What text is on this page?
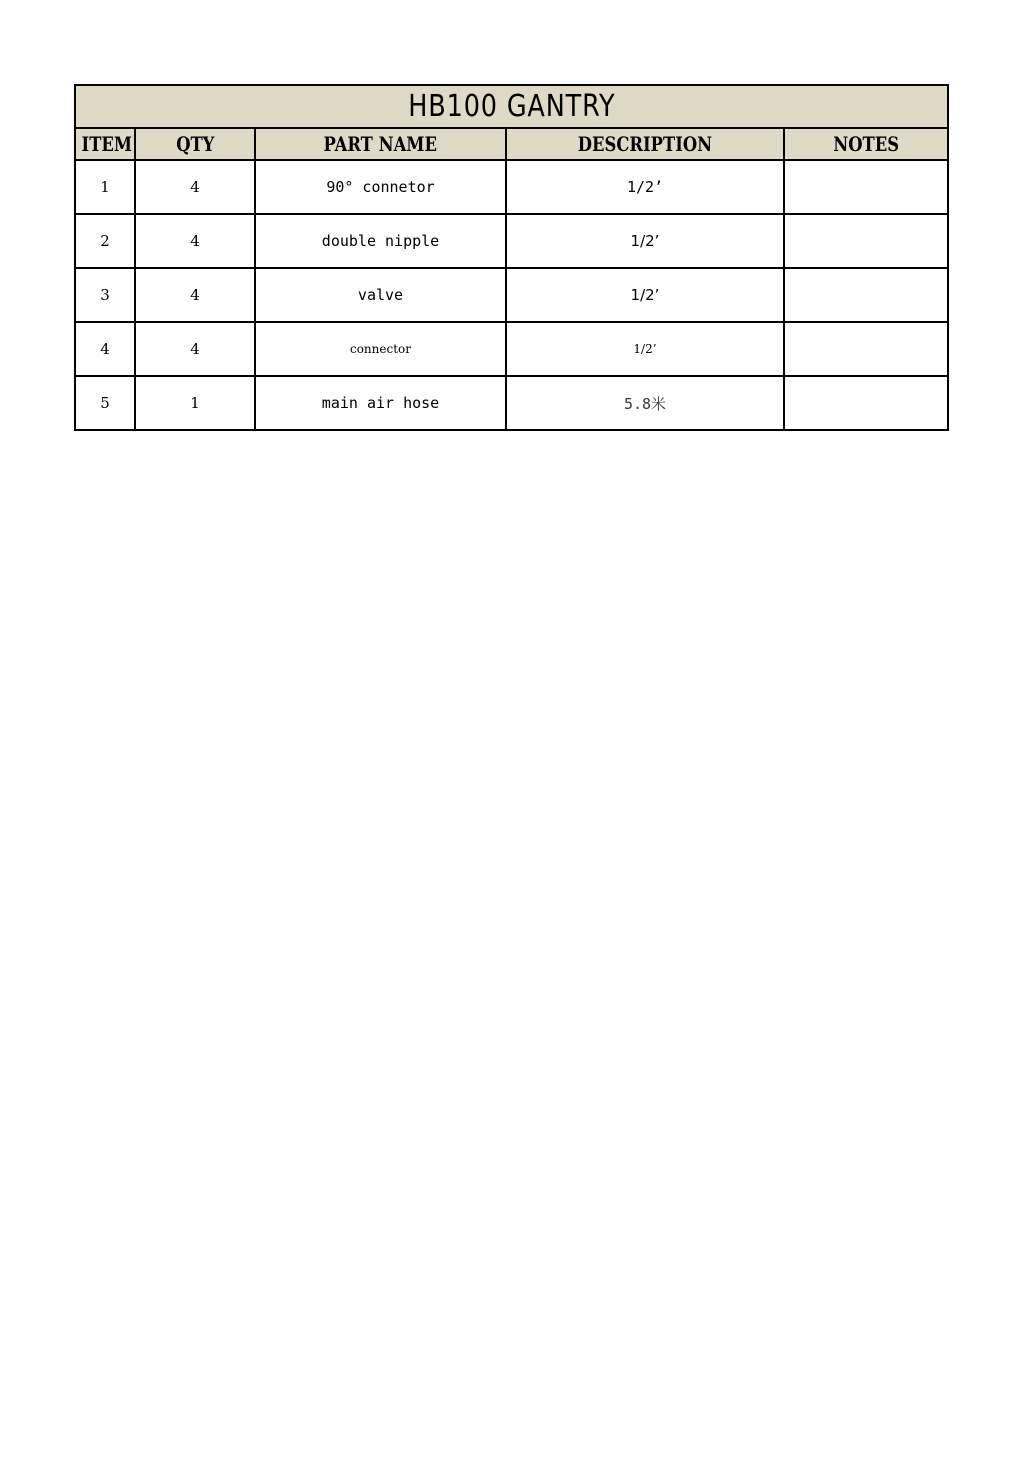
HB100 GANTRY				
ITEM	QTY	PART NAME	DESCRIPTION	NOTES
1	4	90° connetor	1/2’	
2	4	double nipple	1/2’	
3	4	valve	1/2’	
4	4	connector	1/2’	
5	1	main air hose	5.8米	
